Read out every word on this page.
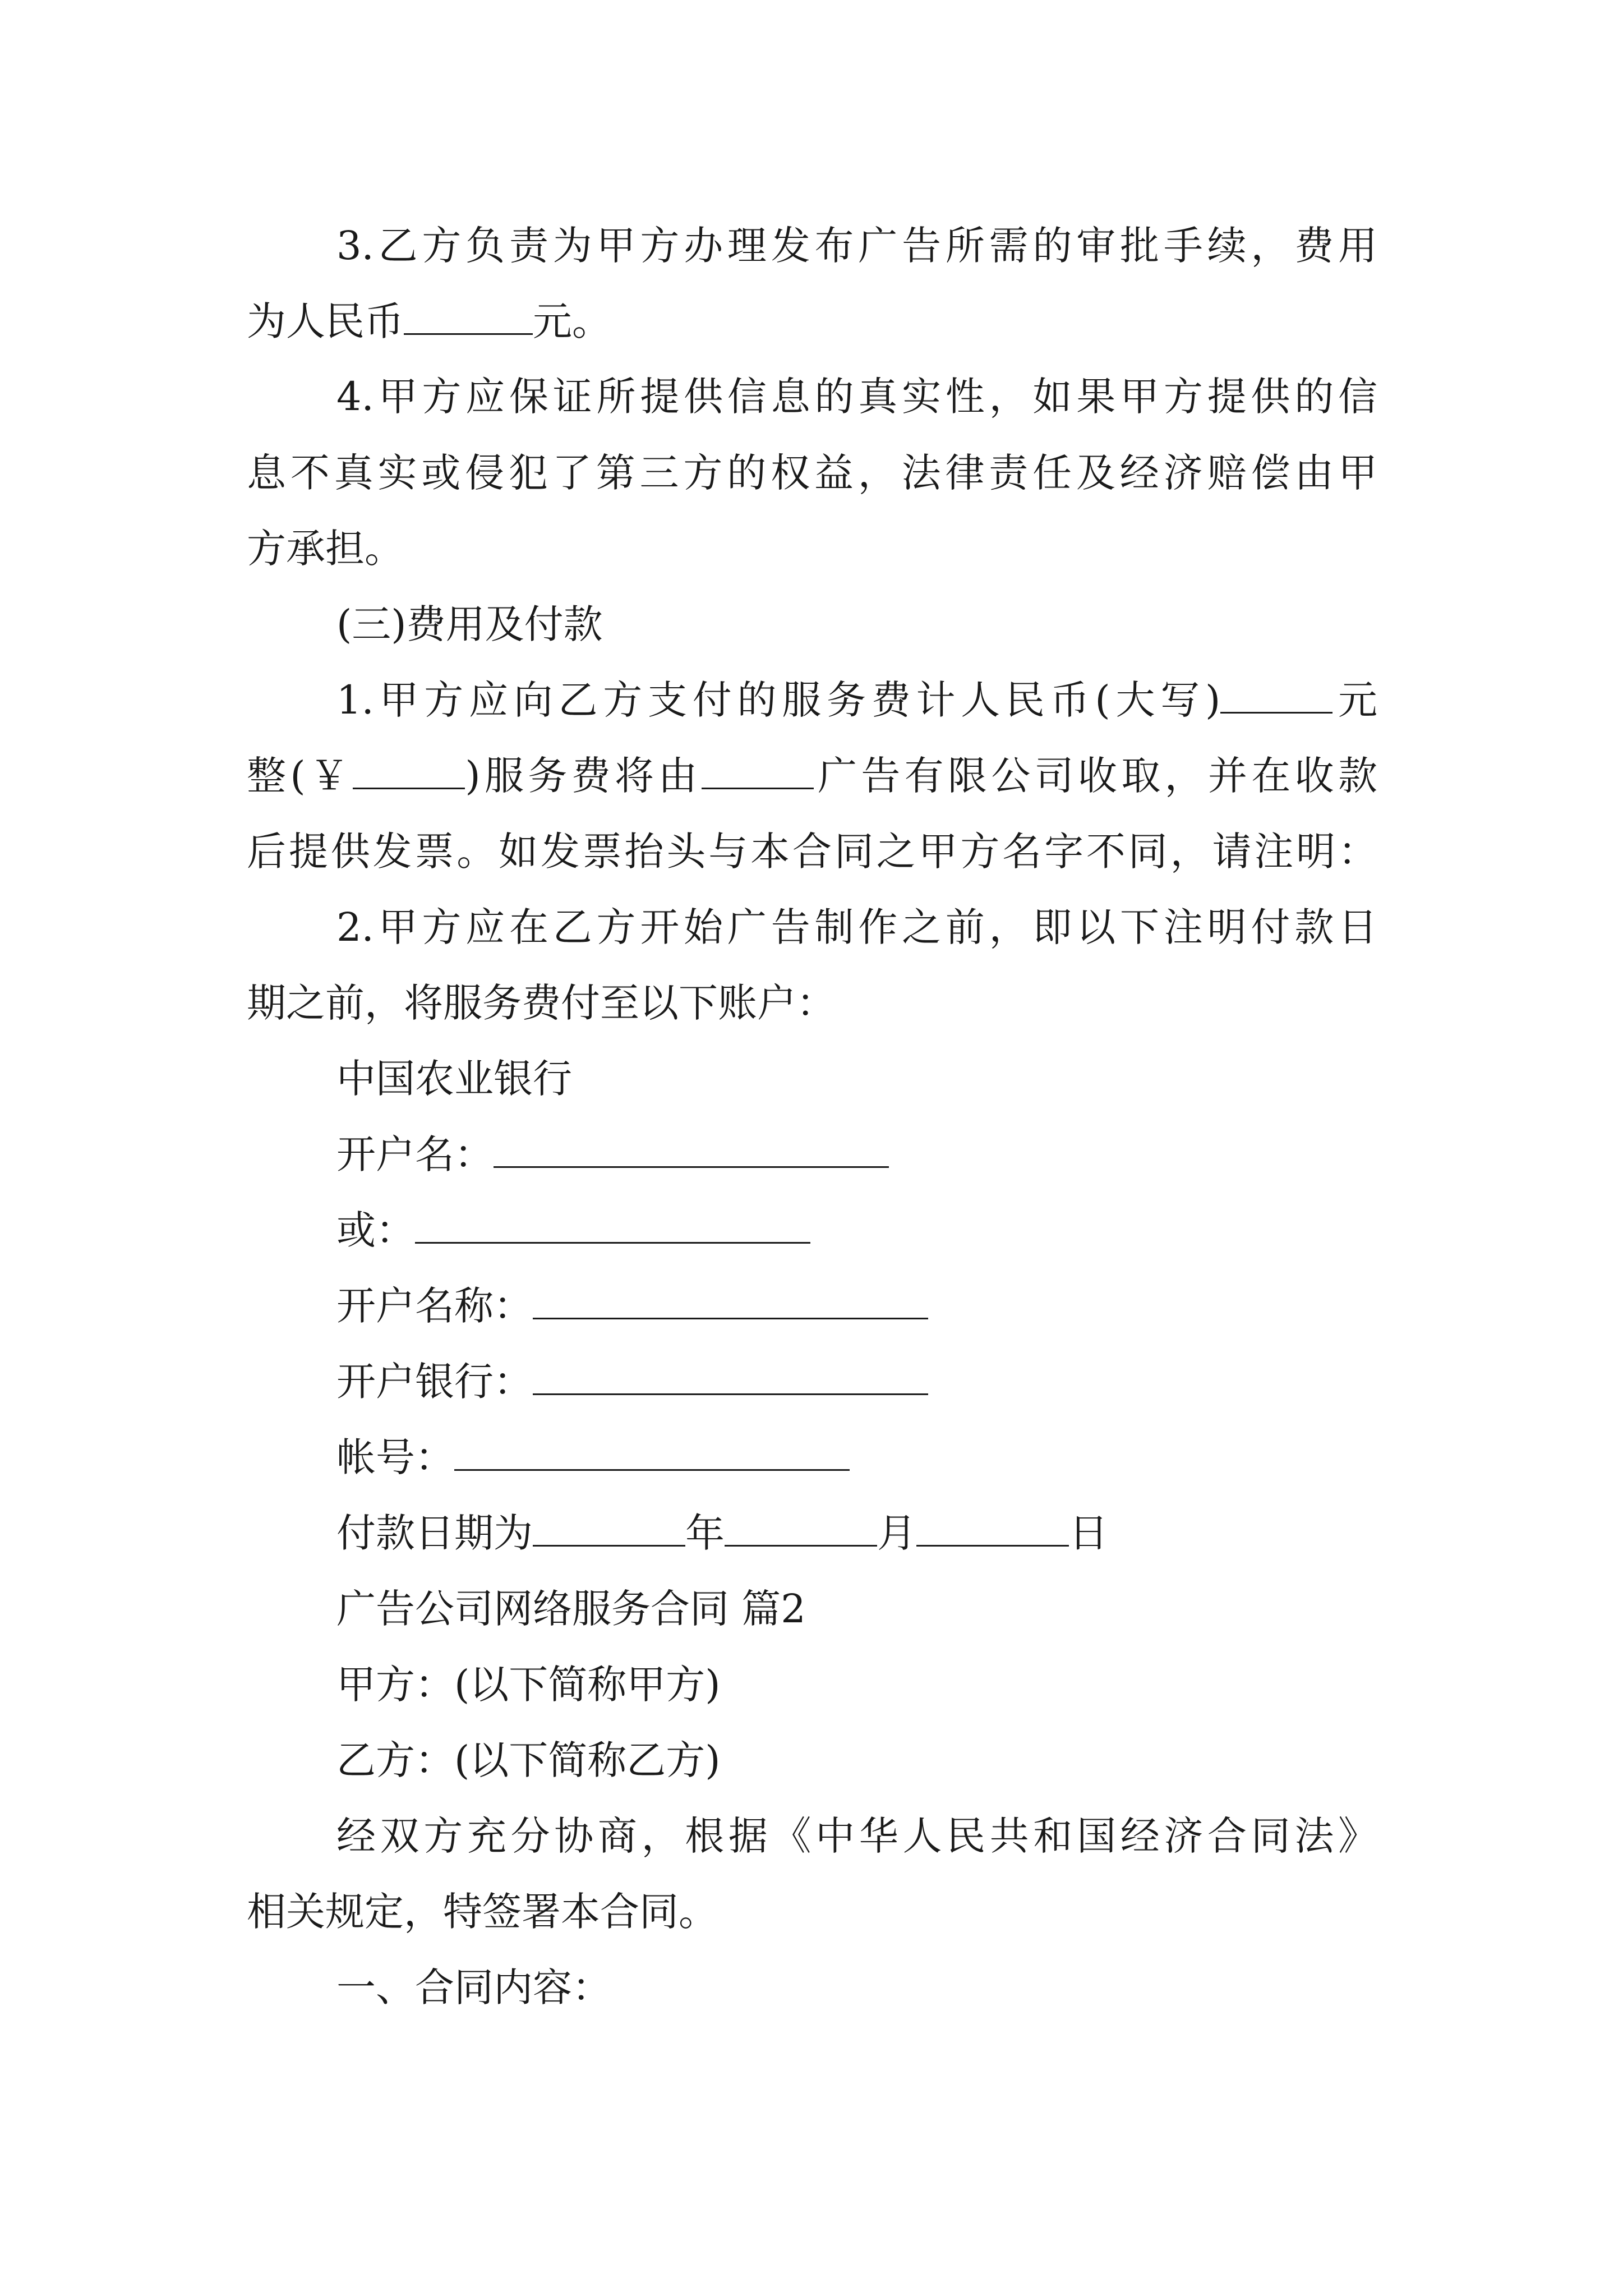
3.乙方负责为甲方办理发布广告所需的审批手续，费用
为人民币	元。
4.甲方应保证所提供信息的真实性，如果甲方提供的信
息不真实或侵犯了第三方的权益，法律责任及经济赔偿由甲
方承担。
(三)费用及付款
1.甲方应向乙方支付的服务费计人民币(大写)	元
整(￥	)服务费将由	广告有限公司收取，并在收款
后提供发票。如发票抬头与本合同之甲方名字不同，请注明：
2.甲方应在乙方开始广告制作之前，即以下注明付款日
期之前，将服务费付至以下账户：
中国农业银行
开户名：
或：
开户名称：
开户银行：
帐号：
付款日期为	年	月	日
广告公司网络服务合同 篇2
甲方：(以下简称甲方)
乙方：(以下简称乙方)
经双方充分协商，根据《中华人民共和国经济合同法》
相关规定，特签署本合同。
一、合同内容：
